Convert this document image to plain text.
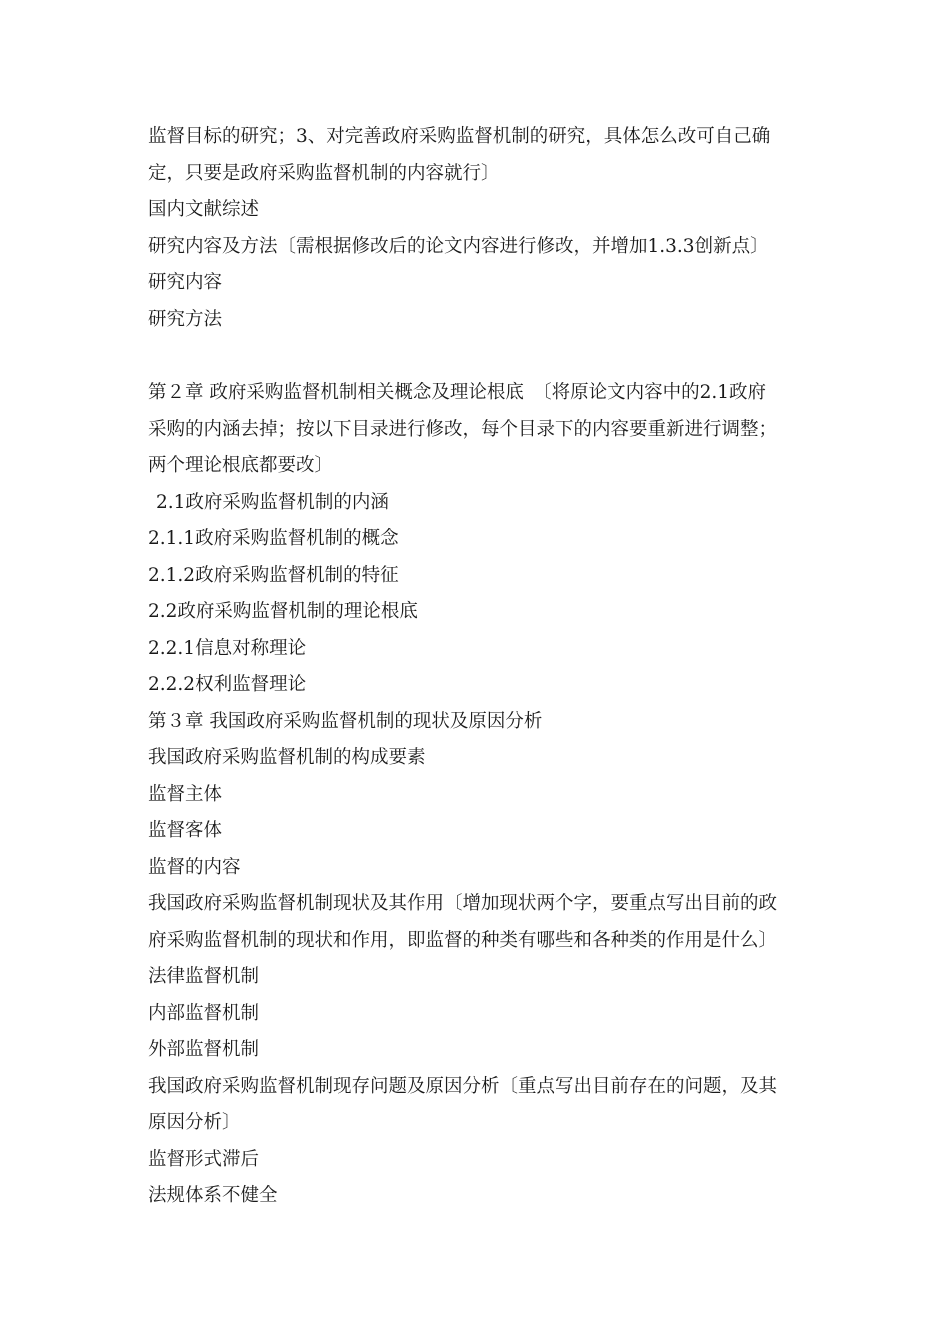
监督目标的研究；3、对完善政府采购监督机制的研究，具体怎么改可自己确
定，只要是政府采购监督机制的内容就行〕
国内文献综述
研究内容及方法〔需根据修改后的论文内容进行修改，并增加1.3.3创新点〕
研究内容
研究方法
第２章 政府采购监督机制相关概念及理论根底　〔将原论文内容中的2.1政府
采购的内涵去掉；按以下目录进行修改，每个目录下的内容要重新进行调整；
两个理论根底都要改〕
2.1政府采购监督机制的内涵
2.1.1政府采购监督机制的概念
2.1.2政府采购监督机制的特征
2.2政府采购监督机制的理论根底
2.2.1信息对称理论
2.2.2权利监督理论
第３章 我国政府采购监督机制的现状及原因分析
我国政府采购监督机制的构成要素
监督主体
监督客体
监督的内容
我国政府采购监督机制现状及其作用〔增加现状两个字，要重点写出目前的政
府采购监督机制的现状和作用，即监督的种类有哪些和各种类的作用是什么〕
法律监督机制
内部监督机制
外部监督机制
我国政府采购监督机制现存问题及原因分析〔重点写出目前存在的问题，及其
原因分析〕
监督形式滞后
法规体系不健全
